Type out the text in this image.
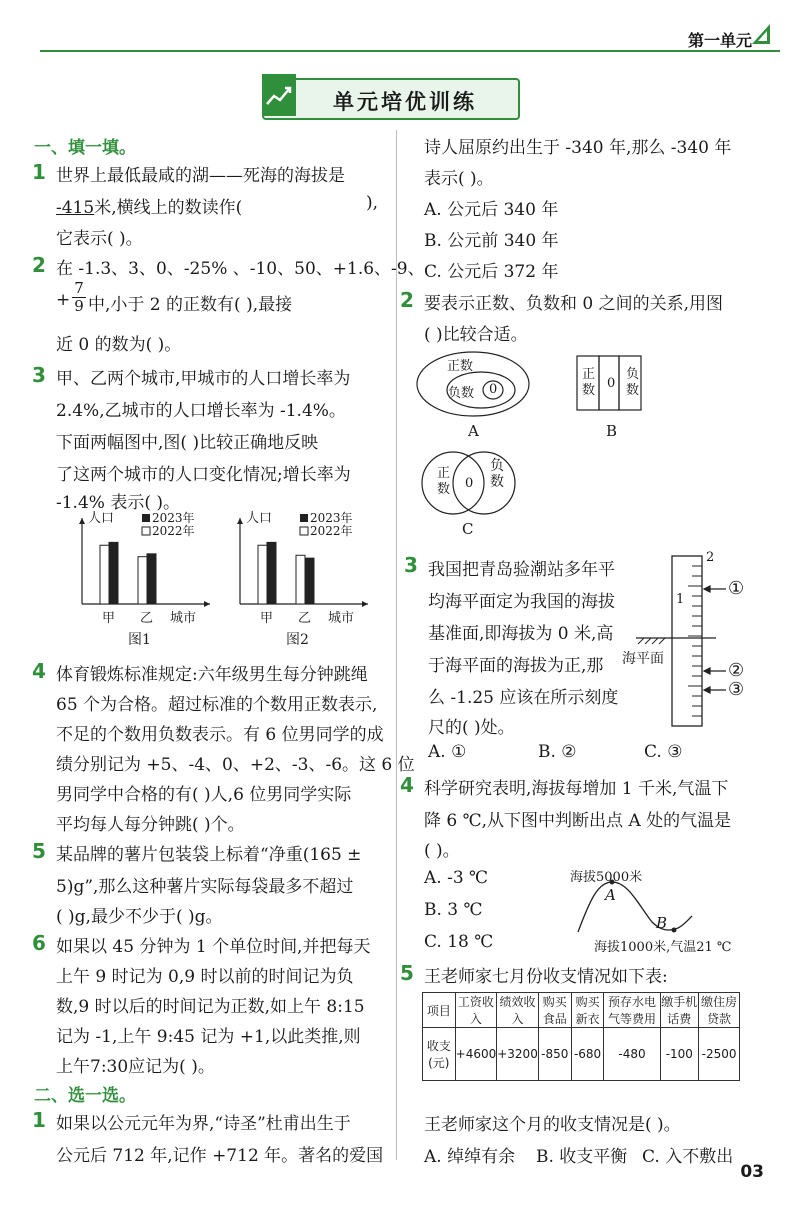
第一单元
单元培优训练
一、填一填。
1 世界上最低最咸的湖——死海的海拔是
-415米,横线上的数读作(	),
它表示( )。
2 在 -1.3、3、0、-25% 、-10、50、+1.6、-9、
+ $\frac{7}{9}$ 中,小于 2 的正数有( ),最接
近 0 的数为( )。
3 甲、乙两个城市,甲城市的人口增长率为
2.4%,乙城市的人口增长率为 -1.4%。
下面两幅图中,图( )比较正确地反映
了这两个城市的人口变化情况;增长率为
-1.4% 表示( )。
人口	2023年
2022年
甲 乙 城市
图1
人口	2023年
2022年
甲 乙 城市
图2
4 体育锻炼标准规定:六年级男生每分钟跳绳
65 个为合格。超过标准的个数用正数表示,
不足的个数用负数表示。有 6 位男同学的成
绩分别记为 +5、-4、0、+2、-3、-6。这 6 位
男同学中合格的有( )人,6 位男同学实际
平均每人每分钟跳( )个。
5 某品牌的薯片包装袋上标着“净重(165 ±
5)g”,那么这种薯片实际每袋最多不超过
( )g,最少不少于( )g。
6 如果以 45 分钟为 1 个单位时间,并把每天
上午 9 时记为 0,9 时以前的时间记为负
数,9 时以后的时间记为正数,如上午 8:15
记为 -1,上午 9:45 记为 +1,以此类推,则
上午7:30应记为( )。
二、选一选。
1 如果以公元元年为界,“诗圣”杜甫出生于
公元后 712 年,记作 +712 年。著名的爱国
诗人屈原约出生于 -340 年,那么 -340 年
表示( )。
A. 公元后 340 年
B. 公元前 340 年
C. 公元后 372 年
2 要表示正数、负数和 0 之间的关系,用图
( )比较合适。
正数
负数 0
A
正数 0
负数
B
正数 0
负数
C
3 我国把青岛验潮站多年平
均海平面定为我国的海拔
基准面,即海拔为 0 米,高
于海平面的海拔为正,那
么 -1.25 应该在所示刻度
尺的( )处。
A. ①	B. ②	C. ③
2
1
海平面
①
②
③
4 科学研究表明,海拔每增加 1 千米,气温下
降 6 ℃,从下图中判断出点 A 处的气温是
( )。
A. -3 ℃
B. 3 ℃
C. 18 ℃
海拔5000米
A
B
海拔1000米,气温21 ℃
5 王老师家七月份收支情况如下表:
项目	工资收入	绩效收入	购买食品	购买新衣	预存水电气等费用	缴手机话费	缴住房贷款
收支(元)	+4600	+3200	-850	-680	-480	-100	-2500
王老师家这个月的收支情况是( )。
A. 绰绰有余 B. 收支平衡 C. 入不敷出
03
